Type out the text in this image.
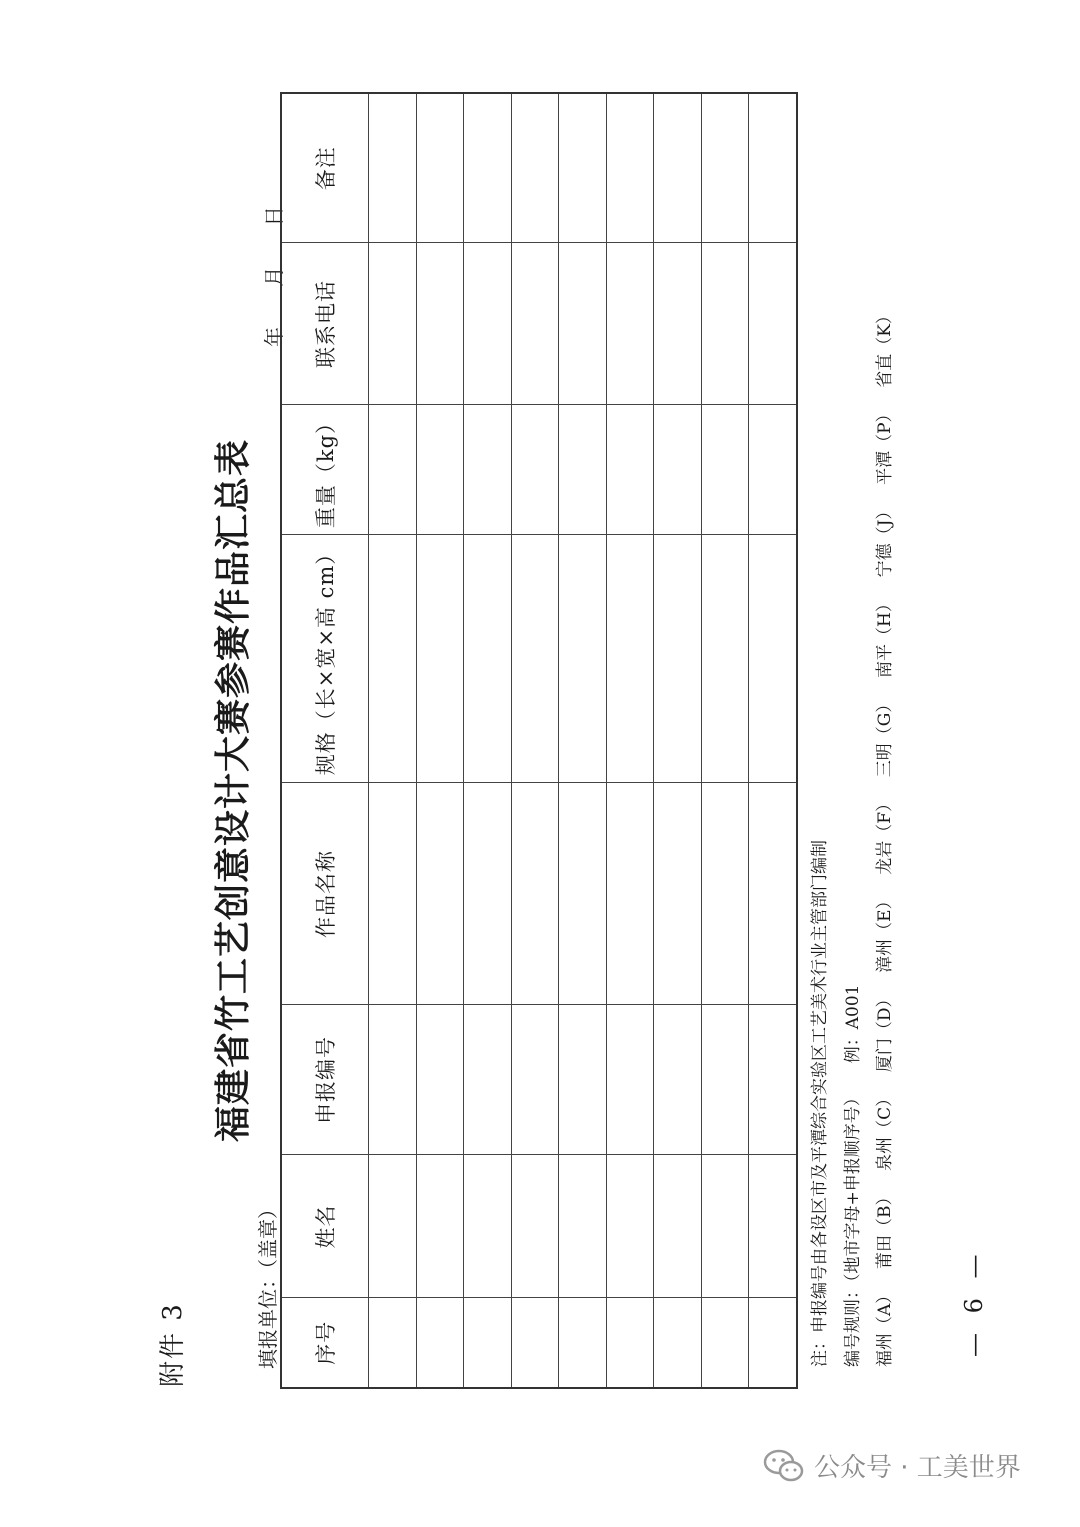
附件 3
福建省竹工艺创意设计大赛参赛作品汇总表
填报单位：（盖章）
年 月 日
序号	姓名	申报编号	作品名称	规格（长×宽×高 cm）	重量（kg）	联系电话	备注

注：申报编号由各设区市及平潭综合实验区工艺美术行业主管部门编制 编号规则：（地市字母+申报顺序号）例：A001
福州（A）
莆田（B）
泉州（C）
厦门（D）
漳州（E）
龙岩（F）
三明（G）
南平（H）
宁德（J）
平潭（P）
省直（K）
— 6 —
公众号 · 工美世界
